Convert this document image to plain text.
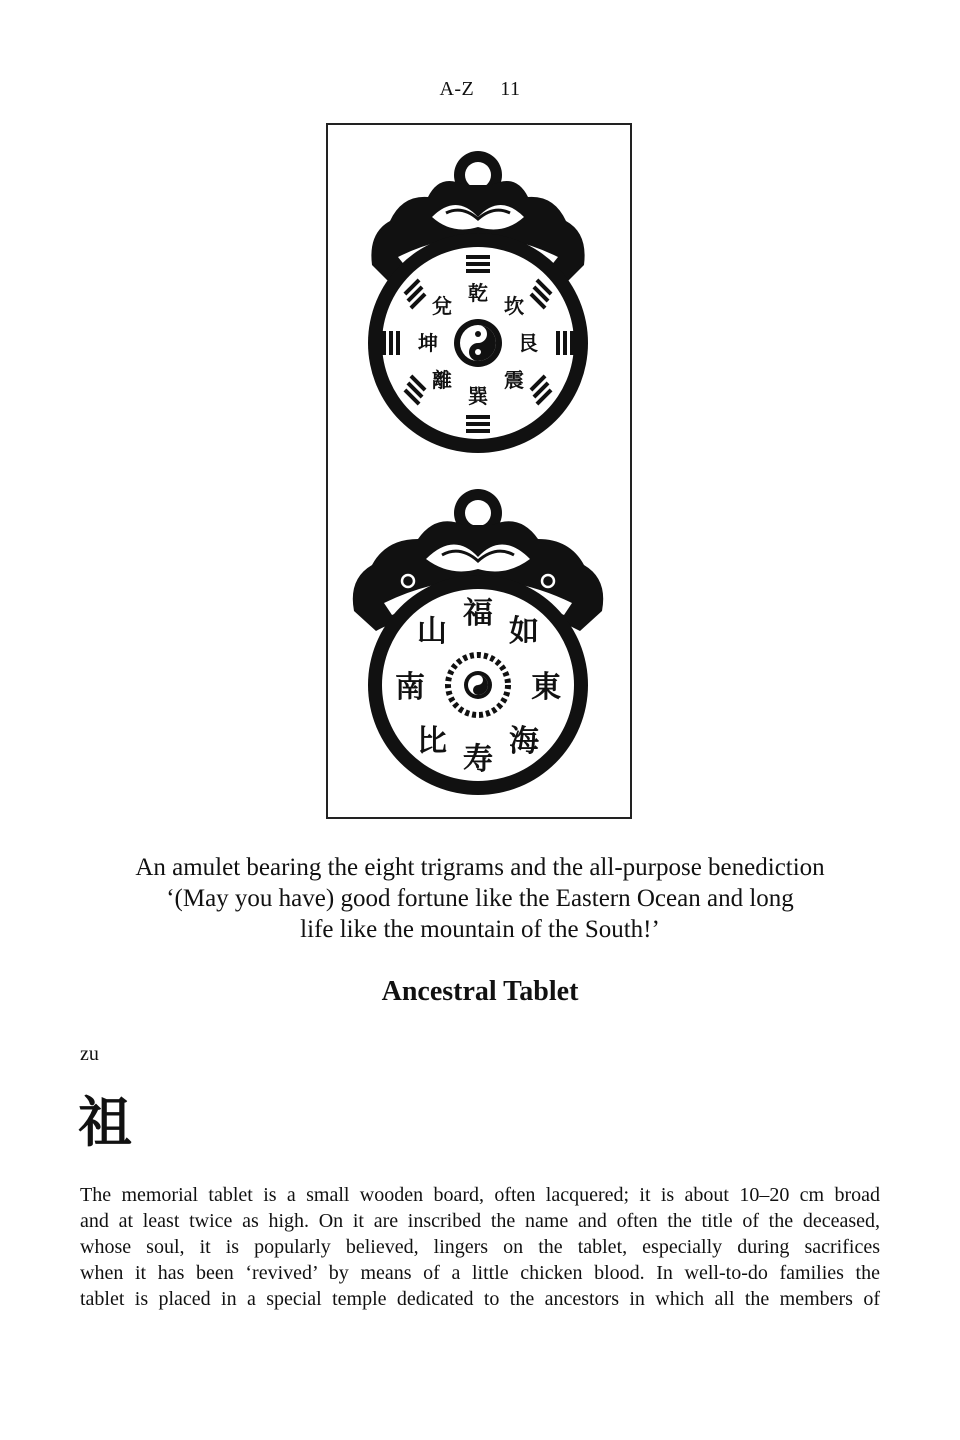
A-Z 11
乾
坎
艮
震
巽
離
坤
兌
福
如
東
海
寿
比
南
山
An amulet bearing the eight trigrams and the all-purpose benediction
‘(May you have) good fortune like the Eastern Ocean and long
life like the mountain of the South!’
Ancestral Tablet
zu
祖
The memorial tablet is a small wooden board, often lacquered; it is about 10–20 cm broad
and at least twice as high. On it are inscribed the name and often the title of the deceased,
whose soul, it is popularly believed, lingers on the tablet, especially during sacrifices
when it has been ‘revived’ by means of a little chicken blood. In well-to-do families the
tablet is placed in a special temple dedicated to the ancestors in which all the members of
